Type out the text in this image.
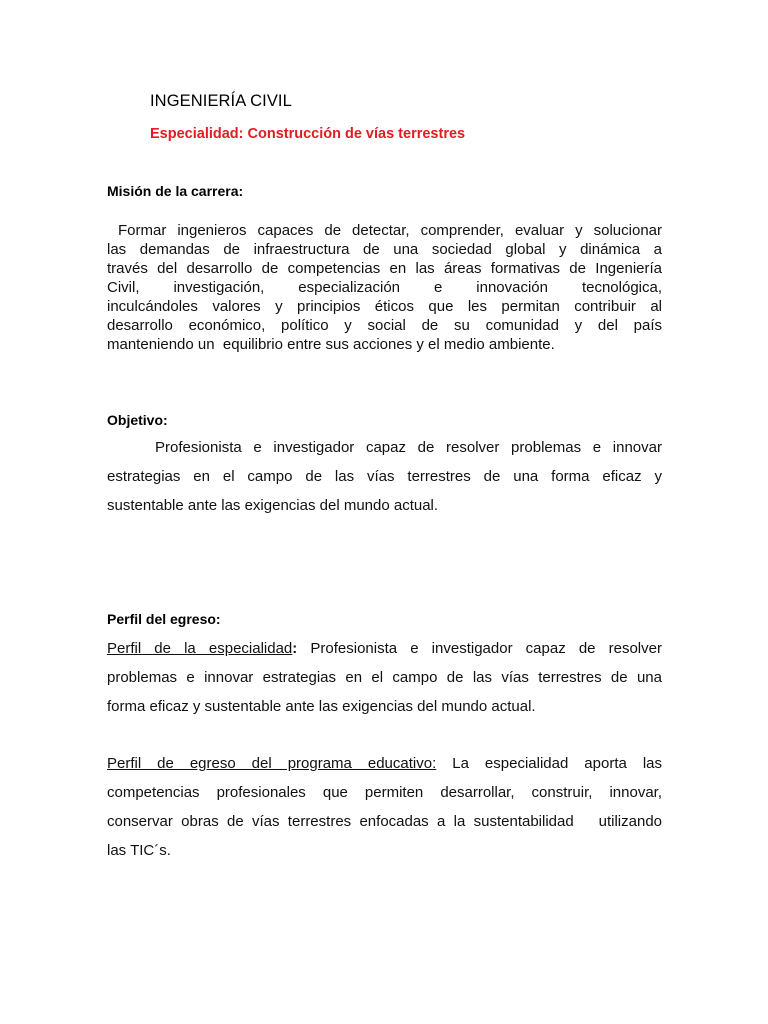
INGENIERÍA CIVIL
Especialidad: Construcción de vías terrestres
Misión de la carrera:

Formar ingenieros capaces de detectar, comprender, evaluar y solucionar
las demandas de infraestructura de una sociedad global y dinámica a
través del desarrollo de competencias en las áreas formativas de Ingeniería
Civil, investigación, especialización e innovación tecnológica,
inculcándoles valores y principios éticos que les permitan contribuir al
desarrollo económico, político y social de su comunidad y del país
manteniendo un  equilibrio entre sus acciones y el medio ambiente.

Objetivo:

Profesionista e investigador capaz de resolver problemas e innovar
estrategias en el campo de las vías terrestres de una forma eficaz y
sustentable ante las exigencias del mundo actual.

Perfil del egreso:

Perfil de la especialidad: Profesionista e investigador capaz de resolver
problemas e innovar estrategias en el campo de las vías terrestres de una
forma eficaz y sustentable ante las exigencias del mundo actual.

Perfil de egreso del programa educativo: La especialidad aporta las
competencias profesionales que permiten desarrollar, construir, innovar,
conservar obras de vías terrestres enfocadas a la sustentabilidad   utilizando
las TIC´s.
